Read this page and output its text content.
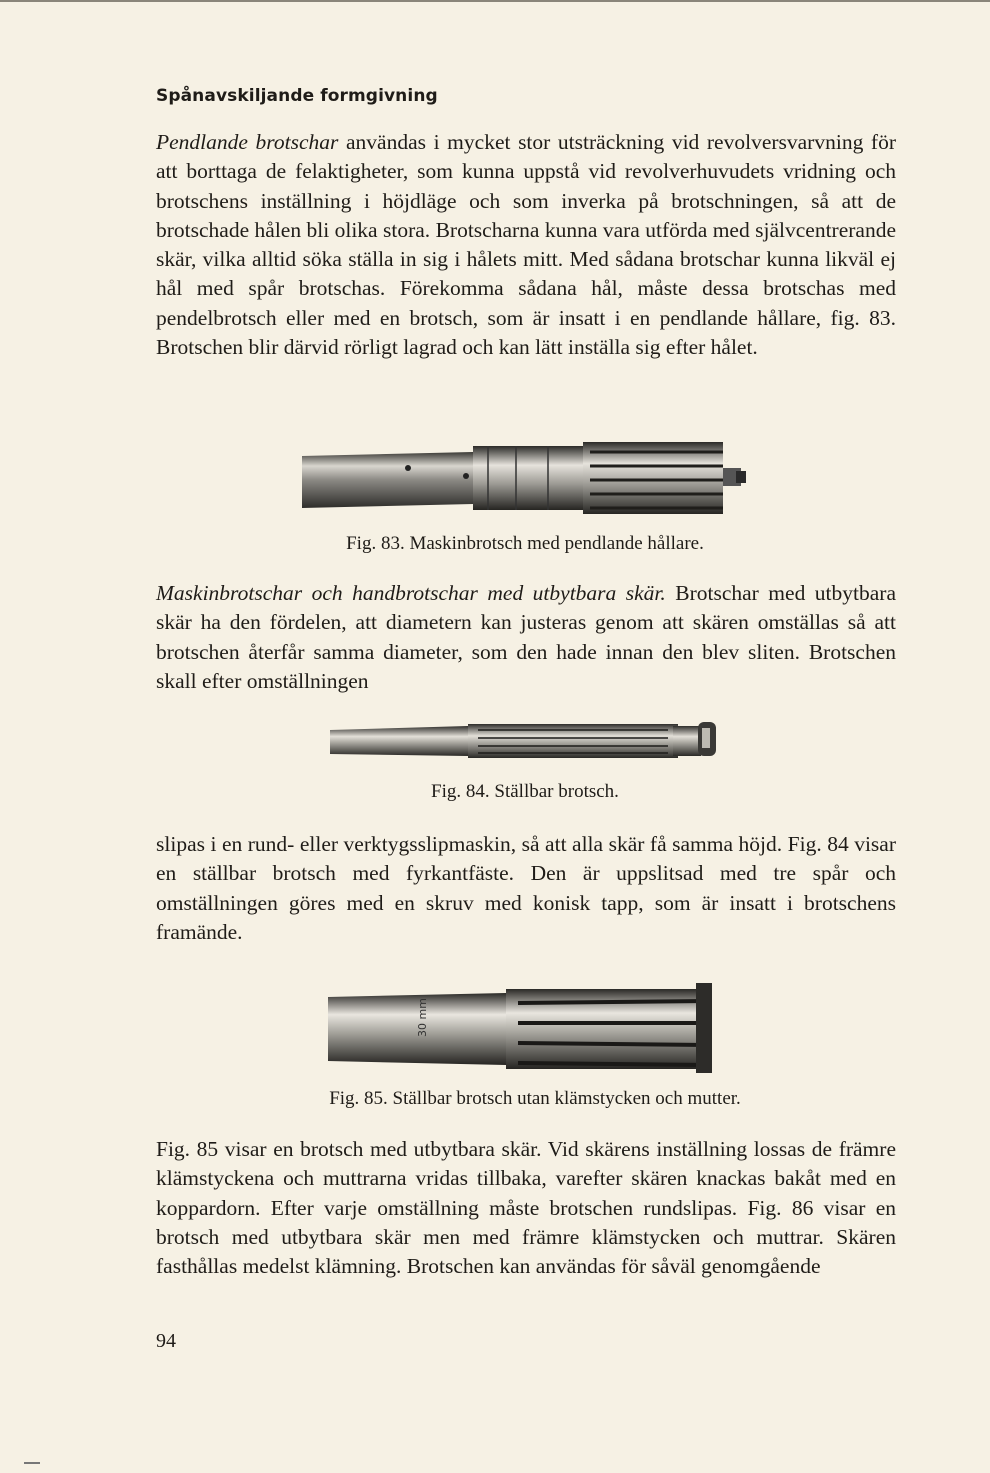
Spånavskiljande formgivning

Pendlande brotschar användas i mycket stor utsträckning vid revolversvarvning för att borttaga de felaktigheter, som kunna uppstå vid revolverhuvudets vridning och brotschens inställning i höjdläge och som inverka på brotschningen, så att de brotschade hålen bli olika stora. Brotscharna kunna vara utförda med självcentrerande skär, vilka alltid söka ställa in sig i hålets mitt. Med sådana brotschar kunna likväl ej hål med spår brotschas. Förekomma sådana hål, måste dessa brotschas med pendelbrotsch eller med en brotsch, som är insatt i en pendlande hållare, fig. 83. Brotschen blir därvid rörligt lagrad och kan lätt inställa sig efter hålet.

Fig. 83. Maskinbrotsch med pendlande hållare.

Maskinbrotschar och handbrotschar med utbytbara skär. Brotschar med utbytbara skär ha den fördelen, att diametern kan justeras genom att skären omställas så att brotschen återfår samma diameter, som den hade innan den blev sliten. Brotschen skall efter omställningen

Fig. 84. Ställbar brotsch.

slipas i en rund- eller verktygsslipmaskin, så att alla skär få samma höjd. Fig. 84 visar en ställbar brotsch med fyrkantfäste. Den är uppslitsad med tre spår och omställningen göres med en skruv med konisk tapp, som är insatt i brotschens framände.

30 mm

Fig. 85. Ställbar brotsch utan klämstycken och mutter.

Fig. 85 visar en brotsch med utbytbara skär. Vid skärens inställning lossas de främre klämstyckena och muttrarna vridas tillbaka, varefter skären knackas bakåt med en koppardorn. Efter varje omställning måste brotschen rundslipas. Fig. 86 visar en brotsch med utbytbara skär men med främre klämstycken och muttrar. Skären fasthållas medelst klämning. Brotschen kan användas för såväl genomgående

94
